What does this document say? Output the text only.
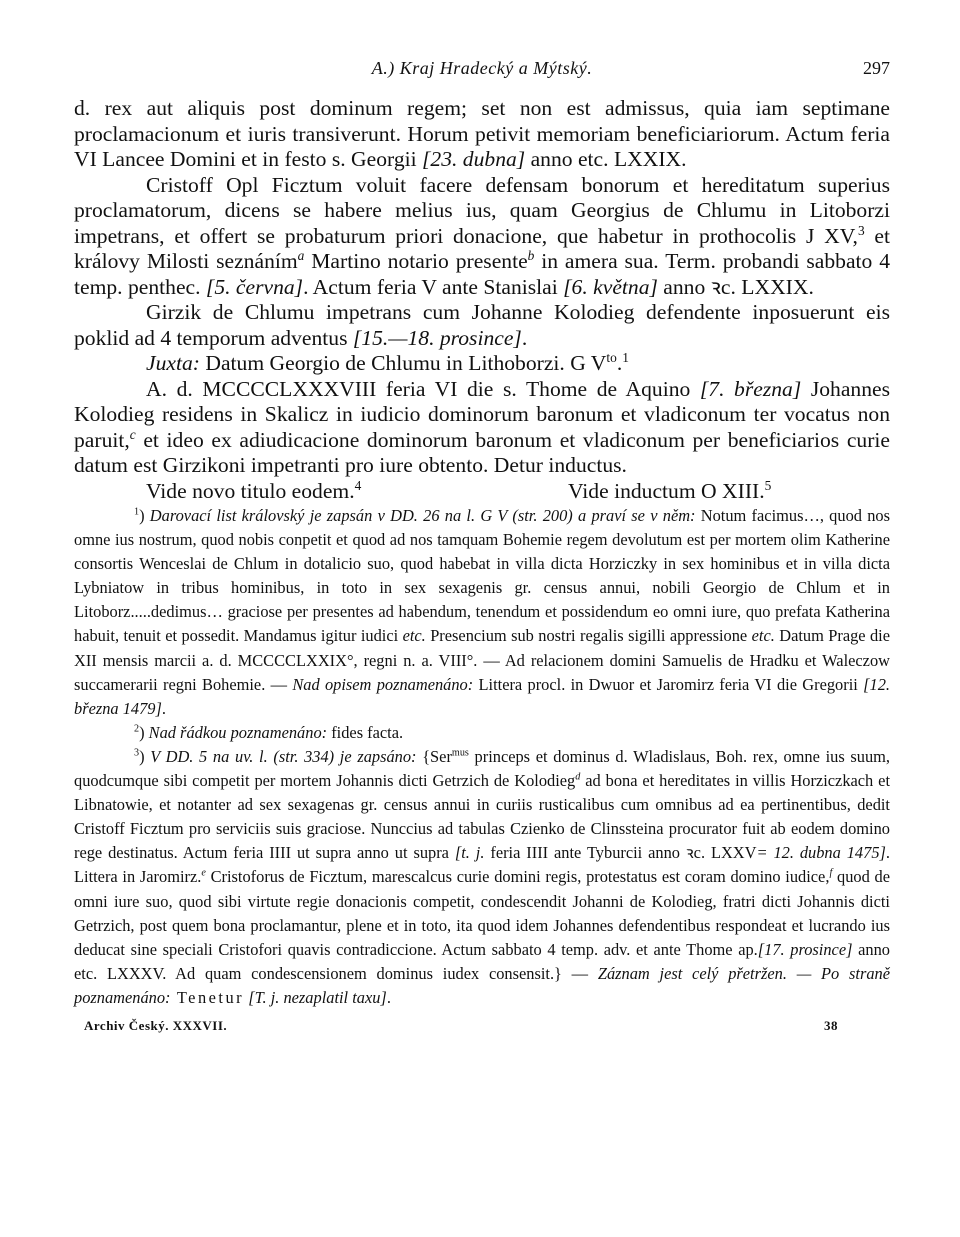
A.) Kraj Hradecký a Mýtský.	297

d. rex aut aliquis post dominum regem; set non est admissus, quia iam septimane proclamacionum et iuris transiverunt. Horum petivit memoriam beneficiariorum. Actum feria VI Lancee Domini et in festo s. Georgii [23. dubna] anno etc. LXXIX.

Cristoff Opl Ficztum voluit facere defensam bonorum et hereditatum superius proclamatorum, dicens se habere melius ius, quam Georgius de Chlumu in Litoborzi impetrans, et offert se probaturum priori donacione, que habetur in prothocolis J XV,$^3$ et královy Milosti seznáním$^a$ Martino notario presente$^b$ in amera sua. Term. probandi sabbato 4 temp. penthec. [5. června]. Actum feria V ante Stanislai [6. května] anno ꝛc. LXXIX.

Girzik de Chlumu impetrans cum Johanne Kolodieg defendente inposuerunt eis poklid ad 4 temporum adventus [15.—18. prosince].

Juxta: Datum Georgio de Chlumu in Lithoborzi. G $V^{to}.^1$

A. d. MCCCCLXXXVIII feria VI die s. Thome de Aquino [7. března] Johannes Kolodieg residens in Skalicz in iudicio dominorum baronum et vladiconum ter vocatus non paruit,$^c$ et ideo ex adiudicacione dominorum baronum et vladiconum per beneficiarios curie datum est Girzikoni impetranti pro iure obtento. Detur inductus.

Vide novo titulo eodem.$^4$	Vide inductum O XIII.$^5$

$^1$) Darovací list královský je zapsán v DD. 26 na l. G V (str. 200) a praví se v něm: Notum facimus…, quod nos omne ius nostrum, quod nobis conpetit et quod ad nos tamquam Bohemie regem devolutum est per mortem olim Katherine consortis Wenceslai de Chlum in dotalicio suo, quod habebat in villa dicta Horziczky in sex hominibus et in villa dicta Lybniatow in tribus hominibus, in toto in sex sexagenis gr. census annui, nobili Georgio de Chlum et in Litoborz.....dedimus… graciose per presentes ad habendum, tenendum et possidendum eo omni iure, quo prefata Katherina habuit, tenuit et possedit. Mandamus igitur iudici etc. Presencium sub nostri regalis sigilli appressione etc. Datum Prage die XII mensis marcii a. d. MCCCCLXXIX°, regni n. a. VIII°. — Ad relacionem domini Samuelis de Hradku et Waleczow succamerarii regni Bohemie. — Nad opisem poznamenáno: Littera procl. in Dwuor et Jaromirz feria VI die Gregorii [12. března 1479].

$^2$) Nad řádkou poznamenáno: fides facta.

$^3$) V DD. 5 na uv. l. (str. 334) je zapsáno: {Ser$^{mus}$ princeps et dominus d. Wladislaus, Boh. rex, omne ius suum, quodcumque sibi competit per mortem Johannis dicti Getrzich de Kolodieg$^d$ ad bona et hereditates in villis Horziczkach et Libnatowie, et notanter ad sex sexagenas gr. census annui in curiis rusticalibus cum omnibus ad ea pertinentibus, dedit Cristoff Ficztum pro serviciis suis graciose. Nunccius ad tabulas Czienko de Clinssteina procurator fuit ab eodem domino rege destinatus. Actum feria IIII ut supra anno ut supra [t. j. feria IIII ante Tyburcii anno ꝛc. LXXV= 12. dubna 1475]. Littera in Jaromirz.$^e$ Cristoforus de Ficztum, marescalcus curie domini regis, protestatus est coram domino iudice,$^f$ quod de omni iure suo, quod sibi virtute regie donacionis competit, condescendit Johanni de Kolodieg, fratri dicti Johannis dicti Getrzich, post quem bona proclamantur, plene et in toto, ita quod idem Johannes defendentibus respondeat et lucrando ius deducat sine speciali Cristofori quavis contradiccione. Actum sabbato 4 temp. adv. et ante Thome ap.[17. prosince] anno etc. LXXXV. Ad quam condescensionem dominus iudex consensit.} — Záznam jest celý přetržen. — Po straně poznamenáno: Tenetur [T. j. nezaplatil taxu].

Archiv Český. XXXVII.	38
